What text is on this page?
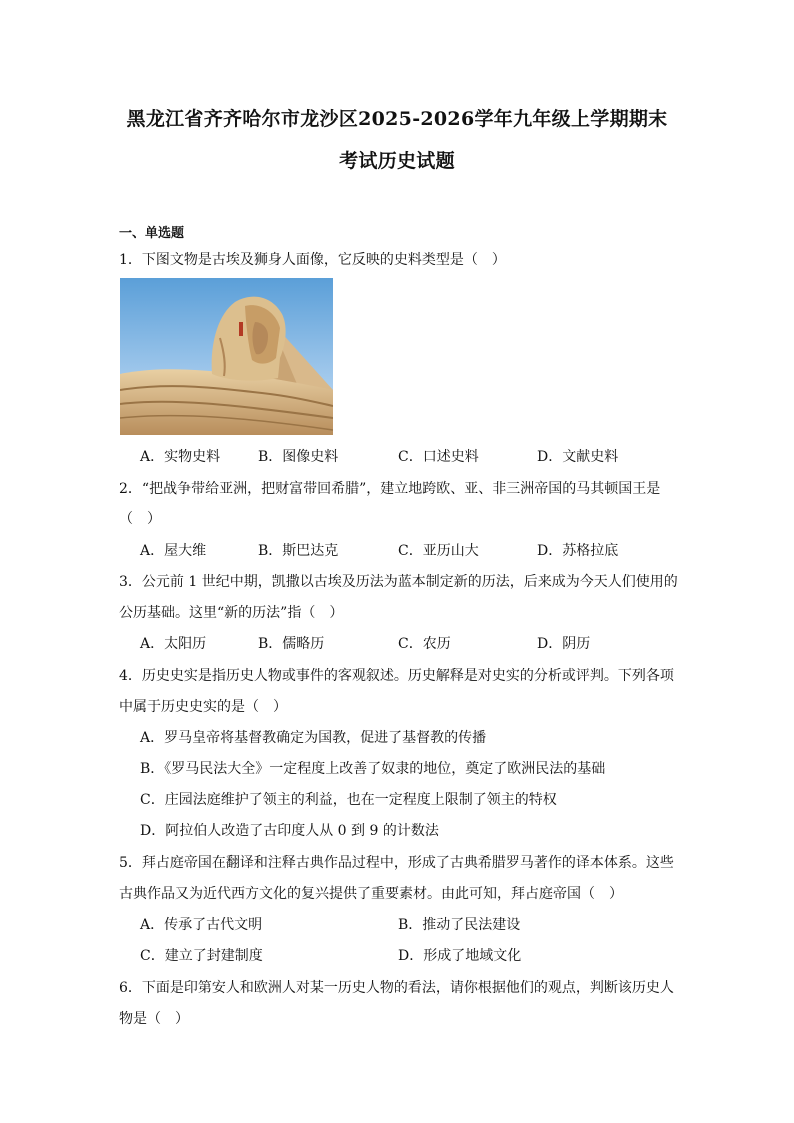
黑龙江省齐齐哈尔市龙沙区2025-2026学年九年级上学期期末
考试历史试题
一、单选题
1．下图文物是古埃及狮身人面像，它反映的史料类型是（　）
A．实物史料	B．图像史料	C．口述史料	D．文献史料
2．“把战争带给亚洲，把财富带回希腊”，建立地跨欧、亚、非三洲帝国的马其顿国王是
（　）
A．屋大维	B．斯巴达克	C．亚历山大	D．苏格拉底
3．公元前 1 世纪中期，凯撒以古埃及历法为蓝本制定新的历法，后来成为今天人们使用的
公历基础。这里“新的历法”指（　）
A．太阳历	B．儒略历	C．农历	D．阴历
4．历史史实是指历史人物或事件的客观叙述。历史解释是对史实的分析或评判。下列各项
中属于历史史实的是（　）
A．罗马皇帝将基督教确定为国教，促进了基督教的传播
B．《罗马民法大全》一定程度上改善了奴隶的地位，奠定了欧洲民法的基础
C．庄园法庭维护了领主的利益，也在一定程度上限制了领主的特权
D．阿拉伯人改造了古印度人从 0 到 9 的计数法
5．拜占庭帝国在翻译和注释古典作品过程中，形成了古典希腊罗马著作的译本体系。这些
古典作品又为近代西方文化的复兴提供了重要素材。由此可知，拜占庭帝国（　）
A．传承了古代文明	B．推动了民法建设
C．建立了封建制度	D．形成了地域文化
6．下面是印第安人和欧洲人对某一历史人物的看法，请你根据他们的观点，判断该历史人
物是（　）
